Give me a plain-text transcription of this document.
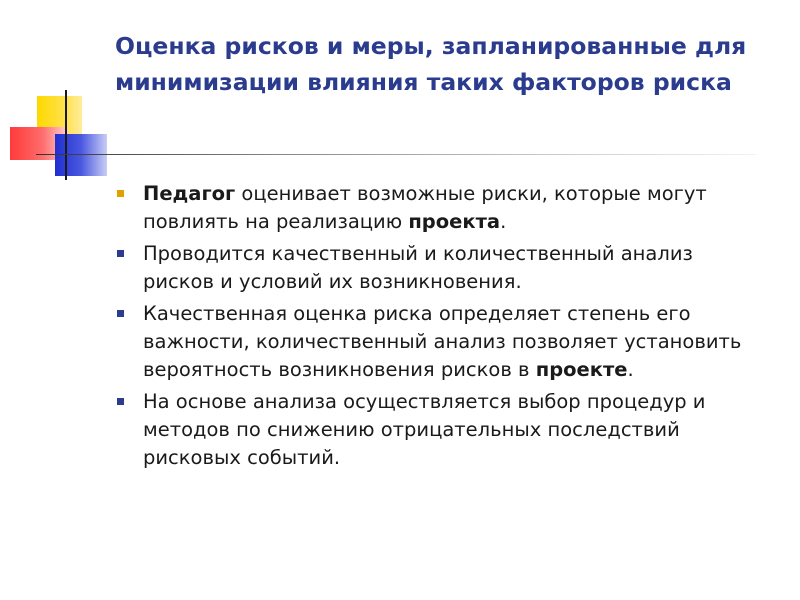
Оценка рисков и меры, запланированные для минимизации влияния таких факторов риска
Педагог оценивает возможные риски, которые могут повлиять на реализацию проекта.
Проводится качественный и количественный анализ рисков и условий их возникновения.
Качественная оценка риска определяет степень его важности, количественный анализ позволяет установить вероятность возникновения рисков в проекте.
На основе анализа осуществляется выбор процедур и методов по снижению отрицательных последствий рисковых событий.
